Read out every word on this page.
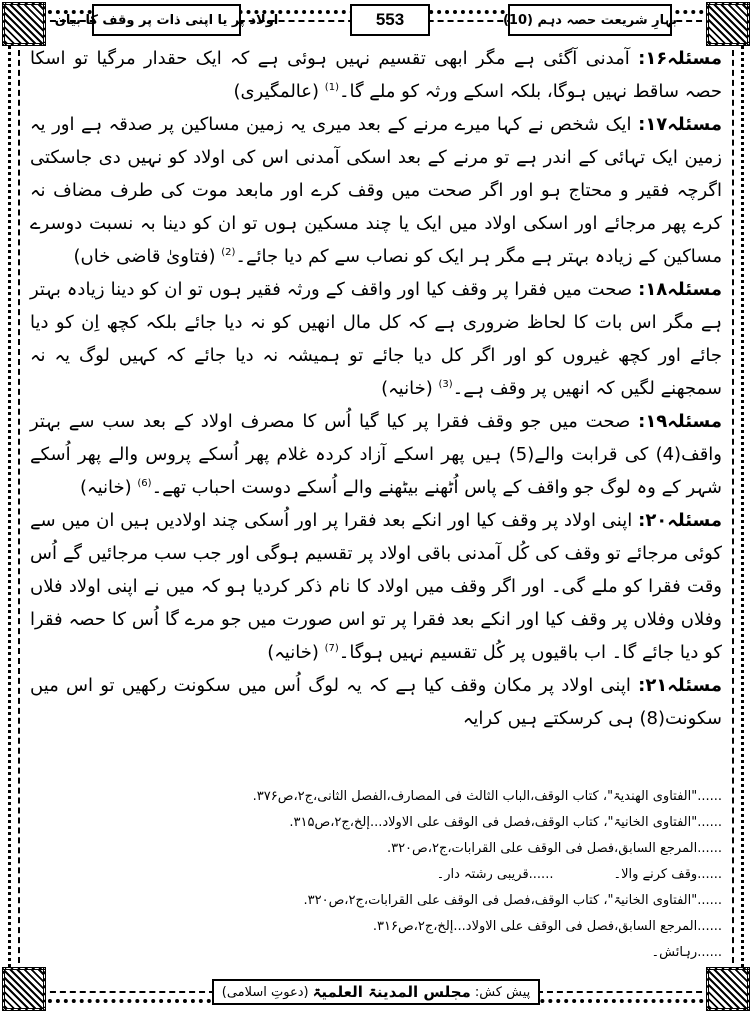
بہارِ شریعت حصہ دہم (10)
553
اولاد پر یا اپنی ذات پر وقف کا بیان

مسئلہ۱۶: آمدنی آگئی ہے مگر ابھی تقسیم نہیں ہوئی ہے کہ ایک حقدار مرگیا تو اسکا حصہ ساقط نہیں ہوگا، بلکہ اسکے ورثہ کو ملے گا۔$^{(1)}$ (عالمگیری)

مسئلہ۱۷: ایک شخص نے کہا میرے مرنے کے بعد میری یہ زمین مساکین پر صدقہ ہے اور یہ زمین ایک تہائی کے اندر ہے تو مرنے کے بعد اسکی آمدنی اس کی اولاد کو نہیں دی جاسکتی اگرچہ فقیر و محتاج ہو اور اگر صحت میں وقف کرے اور مابعد موت کی طرف مضاف نہ کرے پھر مرجائے اور اسکی اولاد میں ایک یا چند مسکین ہوں تو ان کو دینا بہ نسبت دوسرے مساکین کے زیادہ بہتر ہے مگر ہر ایک کو نصاب سے کم دیا جائے۔$^{(2)}$ (فتاویٰ قاضی خاں)

مسئلہ۱۸: صحت میں فقرا پر وقف کیا اور واقف کے ورثہ فقیر ہوں تو ان کو دینا زیادہ بہتر ہے مگر اس بات کا لحاظ ضروری ہے کہ کل مال انھیں کو نہ دیا جائے بلکہ کچھ اِن کو دیا جائے اور کچھ غیروں کو اور اگر کل دیا جائے تو ہمیشہ نہ دیا جائے کہ کہیں لوگ یہ نہ سمجھنے لگیں کہ انھیں پر وقف ہے۔$^{(3)}$ (خانیہ)

مسئلہ۱۹: صحت میں جو وقف فقرا پر کیا گیا اُس کا مصرف اولاد کے بعد سب سے بہتر واقف(4) کی قرابت والے(5) ہیں پھر اسکے آزاد کردہ غلام پھر اُسکے پروس والے پھر اُسکے شہر کے وہ لوگ جو واقف کے پاس اُٹھنے بیٹھنے والے اُسکے دوست احباب تھے۔$^{(6)}$ (خانیہ)

مسئلہ۲۰: اپنی اولاد پر وقف کیا اور انکے بعد فقرا پر اور اُسکی چند اولادیں ہیں ان میں سے کوئی مرجائے تو وقف کی کُل آمدنی باقی اولاد پر تقسیم ہوگی اور جب سب مرجائیں گے اُس وقت فقرا کو ملے گی۔ اور اگر وقف میں اولاد کا نام ذکر کردیا ہو کہ میں نے اپنی اولاد فلاں وفلاں وفلاں پر وقف کیا اور انکے بعد فقرا پر تو اس صورت میں جو مرے گا اُس کا حصہ فقرا کو دیا جائے گا۔ اب باقیوں پر کُل تقسیم نہیں ہوگا۔$^{(7)}$ (خانیہ)

مسئلہ۲۱: اپنی اولاد پر مکان وقف کیا ہے کہ یہ لوگ اُس میں سکونت رکھیں تو اس میں سکونت(8) ہی کرسکتے ہیں کرایہ

......"الفتاوی الھندیۃ"، کتاب الوقف،الباب الثالث فی المصارف،الفصل الثانی،ج۲،ص۳۷۶.
......"الفتاوی الخانیۃ"، کتاب الوقف،فصل فی الوقف علی الاولاد...إلخ،ج۲،ص۳۱۵.
......المرجع السابق،فصل فی الوقف علی القرابات،ج۲،ص۳۲۰.
......وقف کرنے والا۔......قریبی رشتہ دار۔
......"الفتاوی الخانیۃ"، کتاب الوقف،فصل فی الوقف علی القرابات،ج۲،ص۳۲۰.
......المرجع السابق،فصل فی الوقف علی الاولاد...إلخ،ج۲،ص۳۱۶.
......رہائش۔
پیش کش:
مجلس المدینۃ العلمیۃ
(دعوتِ اسلامی)
